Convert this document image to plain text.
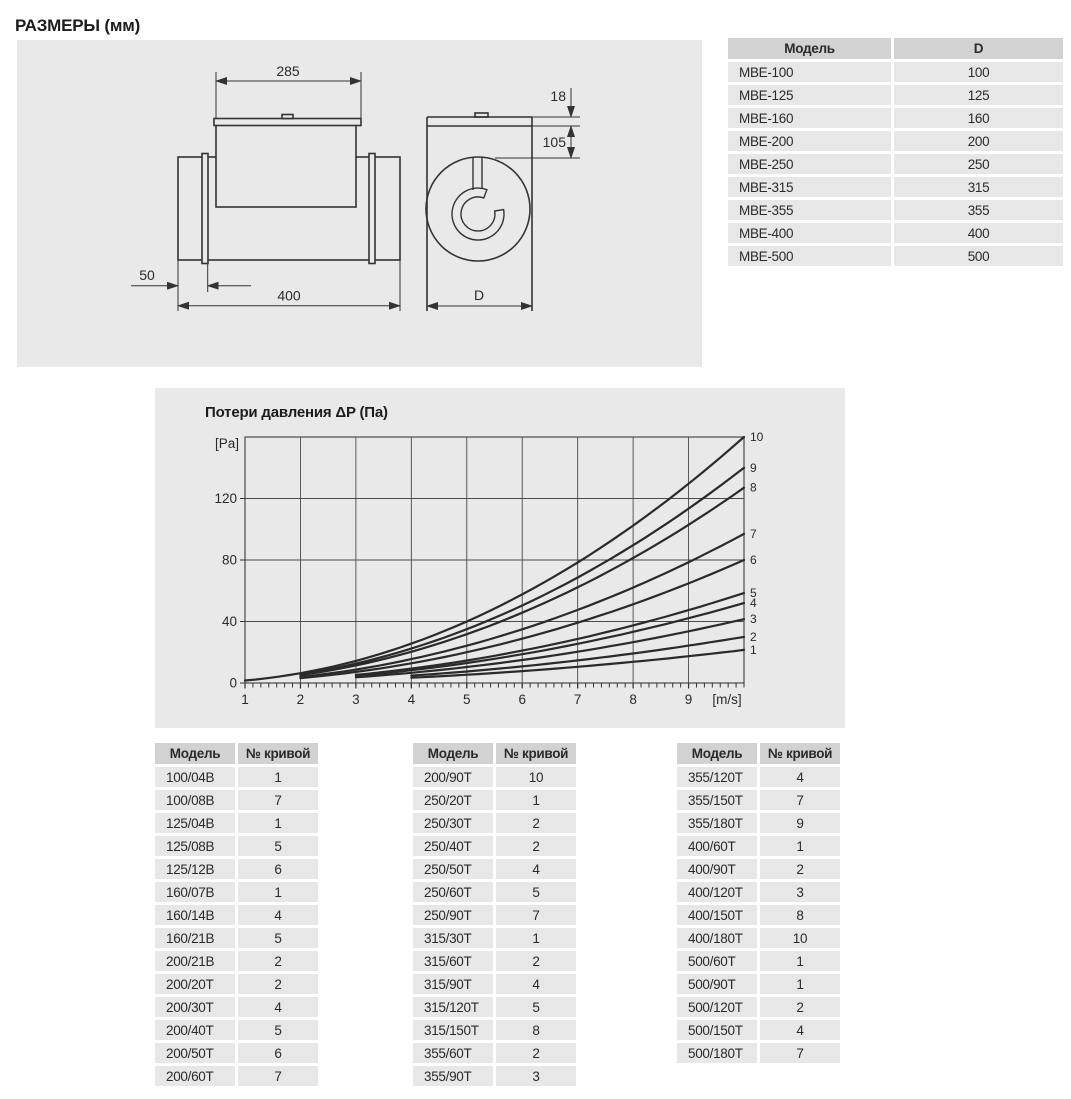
РАЗМЕРЫ (мм)
285
50
400
18
105
D
Модель	D
MBE-100	100
MBE-125	125
MBE-160	160
MBE-200	200
MBE-250	250
MBE-315	315
MBE-355	355
MBE-400	400
MBE-500	500
Потери давления ΔP (Па)
0
40
80
120
[Pa]
1	2	3	4	5	6	7	8	9 [m/s]
1
2
3
4
5
6
7
8
9
10
Модель	№ кривой
100/04В	1
100/08В	7
125/04В	1
125/08В	5
125/12В	6
160/07В	1
160/14В	4
160/21В	5
200/21В	2
200/20Т	2
200/30Т	4
200/40Т	5
200/50Т	6
200/60Т	7
Модель	№ кривой
200/90Т	10
250/20Т	1
250/30Т	2
250/40Т	2
250/50Т	4
250/60Т	5
250/90Т	7
315/30Т	1
315/60Т	2
315/90Т	4
315/120Т	5
315/150Т	8
355/60Т	2
355/90Т	3
Модель	№ кривой
355/120Т	4
355/150Т	7
355/180Т	9
400/60Т	1
400/90Т	2
400/120Т	3
400/150Т	8
400/180Т	10
500/60Т	1
500/90Т	1
500/120Т	2
500/150Т	4
500/180Т	7
